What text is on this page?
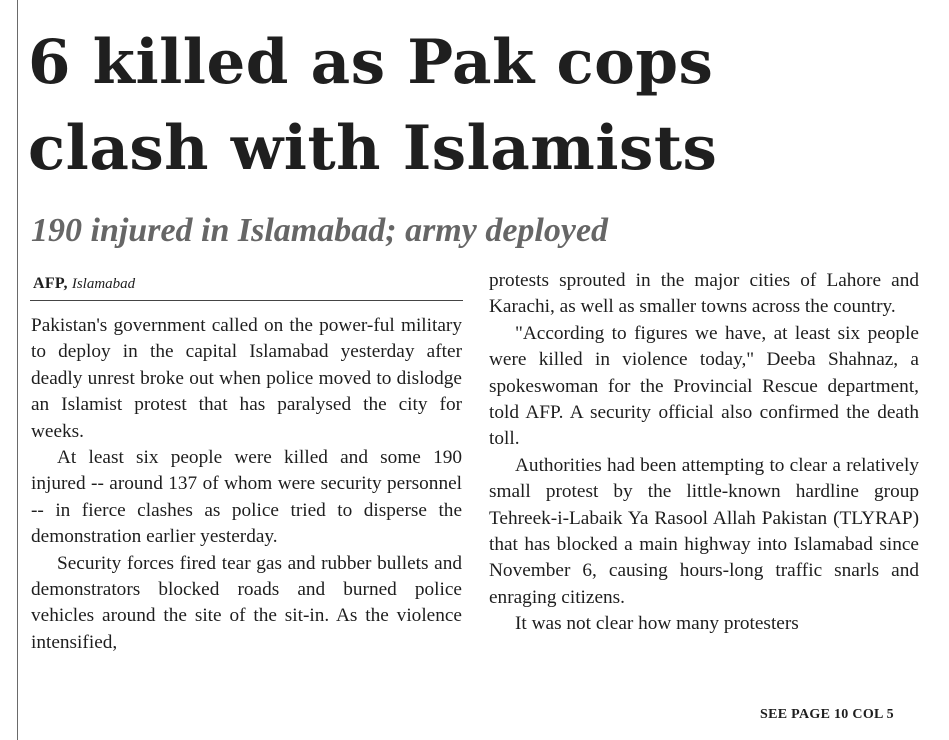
6 killed as Pak cops
clash with Islamists
190 injured in Islamabad; army deployed
AFP, Islamabad

Pakistan's government called on the power-ful military to deploy in the capital Islamabad yesterday after deadly unrest broke out when police moved to dislodge an Islamist protest that has paralysed the city for weeks.

At least six people were killed and some 190 injured -- around 137 of whom were security personnel -- in fierce clashes as police tried to disperse the demonstration earlier yesterday.

Security forces fired tear gas and rubber bullets and demonstrators blocked roads and burned police vehicles around the site of the sit-in. As the violence intensified,

protests sprouted in the major cities of Lahore and Karachi, as well as smaller towns across the country.

"According to figures we have, at least six people were killed in violence today," Deeba Shahnaz, a spokeswoman for the Provincial Rescue department, told AFP. A security official also confirmed the death toll.

Authorities had been attempting to clear a relatively small protest by the little-known hardline group Tehreek-i-Labaik Ya Rasool Allah Pakistan (TLYRAP) that has blocked a main highway into Islamabad since November 6, causing hours-long traffic snarls and enraging citizens.

It was not clear how many protesters

SEE PAGE 10 COL 5
